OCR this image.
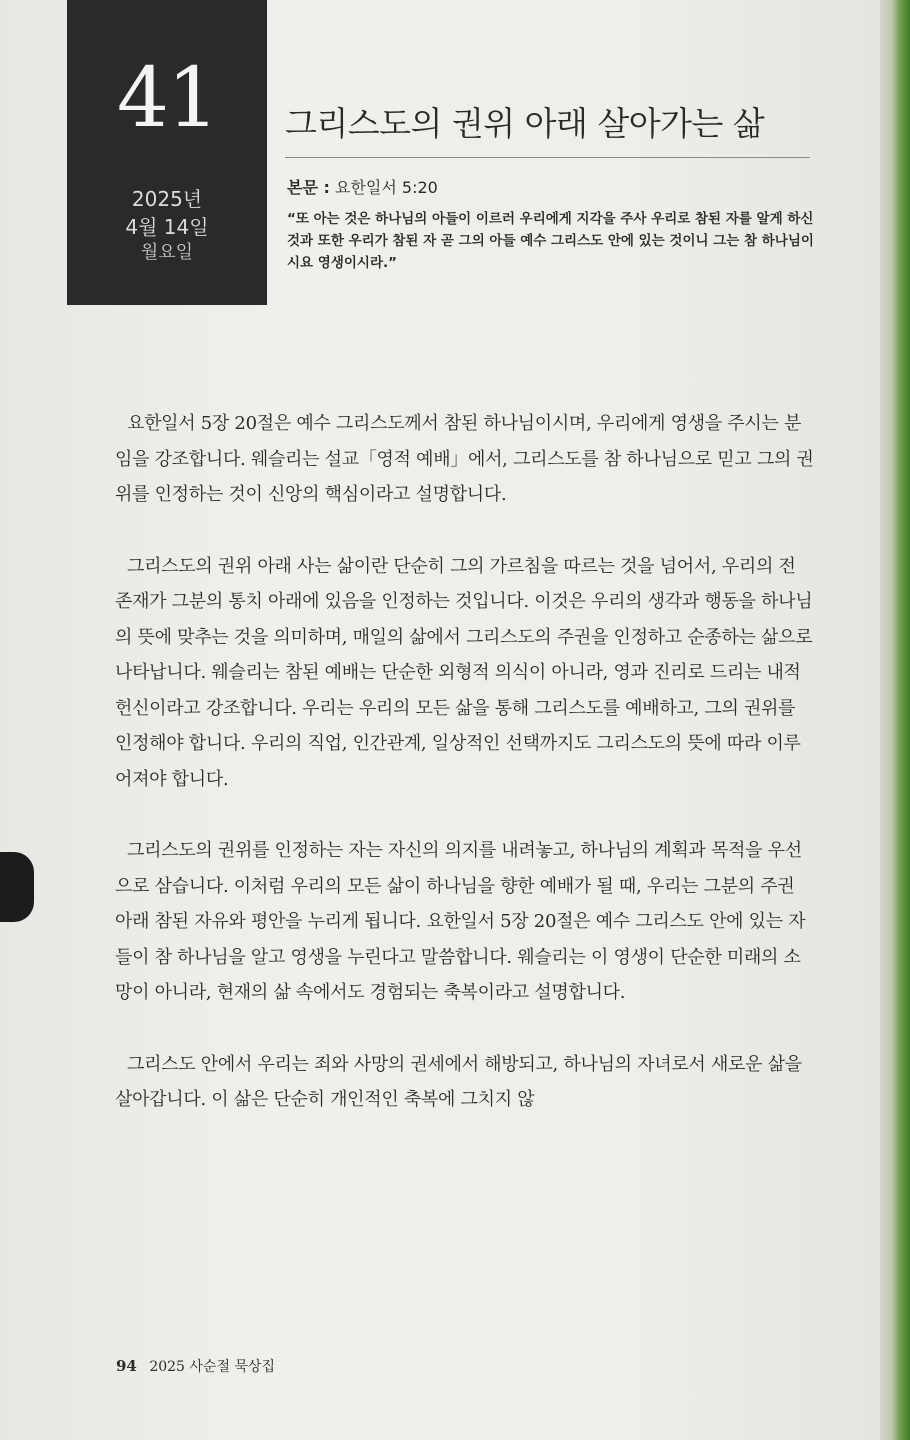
41
2025년
4월 14일
월요일
그리스도의 권위 아래 살아가는 삶
본문 : 요한일서 5:20
“또 아는 것은 하나님의 아들이 이르러 우리에게 지각을 주사 우리로 참된 자를 알게 하신 것과 또한 우리가 참된 자 곧 그의 아들 예수 그리스도 안에 있는 것이니 그는 참 하나님이시요 영생이시라.”

요한일서 5장 20절은 예수 그리스도께서 참된 하나님이시며, 우리에게 영생을 주시는 분임을 강조합니다. 웨슬리는 설교「영적 예배」에서, 그리스도를 참 하나님으로 믿고 그의 권위를 인정하는 것이 신앙의 핵심이라고 설명합니다.

그리스도의 권위 아래 사는 삶이란 단순히 그의 가르침을 따르는 것을 넘어서, 우리의 전 존재가 그분의 통치 아래에 있음을 인정하는 것입니다. 이것은 우리의 생각과 행동을 하나님의 뜻에 맞추는 것을 의미하며, 매일의 삶에서 그리스도의 주권을 인정하고 순종하는 삶으로 나타납니다. 웨슬리는 참된 예배는 단순한 외형적 의식이 아니라, 영과 진리로 드리는 내적 헌신이라고 강조합니다. 우리는 우리의 모든 삶을 통해 그리스도를 예배하고, 그의 권위를 인정해야 합니다. 우리의 직업, 인간관계, 일상적인 선택까지도 그리스도의 뜻에 따라 이루어져야 합니다.

그리스도의 권위를 인정하는 자는 자신의 의지를 내려놓고, 하나님의 계획과 목적을 우선으로 삼습니다. 이처럼 우리의 모든 삶이 하나님을 향한 예배가 될 때, 우리는 그분의 주권 아래 참된 자유와 평안을 누리게 됩니다. 요한일서 5장 20절은 예수 그리스도 안에 있는 자들이 참 하나님을 알고 영생을 누린다고 말씀합니다. 웨슬리는 이 영생이 단순한 미래의 소망이 아니라, 현재의 삶 속에서도 경험되는 축복이라고 설명합니다.

그리스도 안에서 우리는 죄와 사망의 권세에서 해방되고, 하나님의 자녀로서 새로운 삶을 살아갑니다. 이 삶은 단순히 개인적인 축복에 그치지 않

94 2025 사순절 묵상집
